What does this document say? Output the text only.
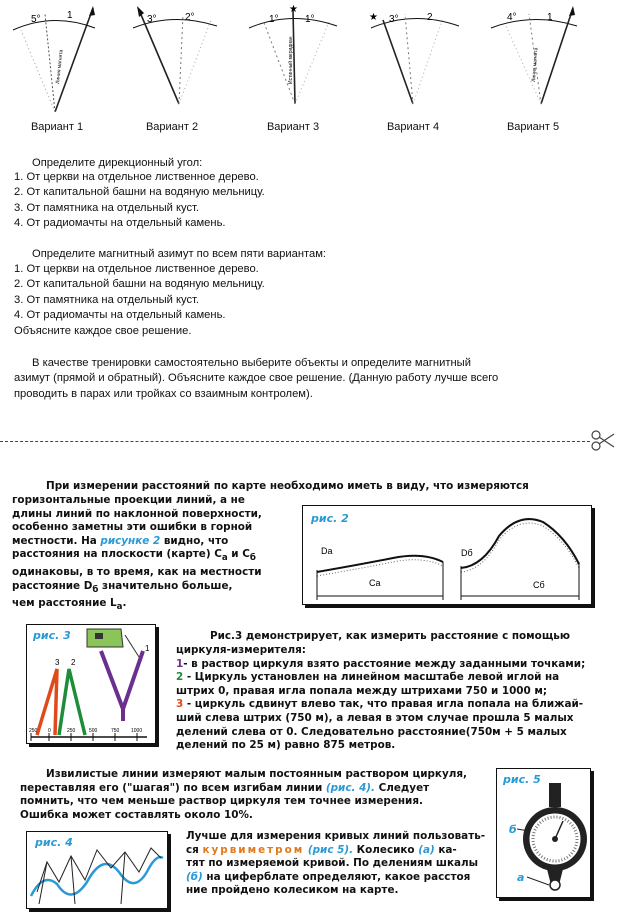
5°	1
Линия магнита
3°	2°
★
1°	1°
Истинный меридиан
★ 3°	2	4°	1
Линия магнита
Вариант 1	Вариант 2	Вариант 3	Вариант 4	Вариант 5
Определите дирекционный угол:
1. От церкви на отдельное лиственное дерево.
2. От капитальной башни на водяную мельницу.
3. От памятника на отдельный куст.
4. От радиомачты на отдельный камень.
Определите магнитный азимут по всем пяти вариантам:
1. От церкви на отдельное лиственное дерево.
2. От капитальной башни на водяную мельницу.
3. От памятника на отдельный куст.
4. От радиомачты на отдельный камень.
Объясните каждое свое решение.
В качестве тренировки самостоятельно выберите объекты и определите магнитный
азимут (прямой и обратный). Объясните каждое свое решение. (Данную работу лучше всего
проводить в парах или тройках со взаимным контролем).
При измерении расстояний по карте необходимо иметь в виду, что измеряются
горизонтальные проекции линий, а не
длины линий по наклонной поверхности,
особенно заметны эти ошибки в горной
местности. На рисунке 2 видно, что
расстояния на плоскости (карте) $С_а$ и $С_б$
одинаковы, в то время, как на местности
расстояние $D_б$ значительно больше,
чем расстояние $L_а$.
рис. 2
Dа
Cа
Dб
Cб
рис. 3
3 2
1
250 0	250	500	750 1000
Рис.3 демонстрирует, как измерить расстояние с помощью
циркуля-измерителя:
1- в раствор циркуля взято расстояние между заданными точками;
2 - Циркуль установлен на линейном масштабе левой иглой на
штрих 0, правая игла попала между штрихами 750 и 1000 м;
3 - циркуль сдвинут влево так, что правая игла попала на ближай-
ший слева штрих (750 м), а левая в этом случае прошла 5 малых
делений слева от 0. Следовательно расстояние(750м + 5 малых
делений по 25 м) равно 875 метров.
Извилистые линии измеряют малым постоянным раствором циркуля,
переставляя его ("шагая") по всем изгибам линии (рис. 4). Следует
помнить, что чем меньше раствор циркуля тем точнее измерения.
Ошибка может составлять около 10%.
рис. 4	Лучше для измерения кривых линий пользовать-
ся курвиметром (рис 5). Колесико (а) ка-
тят по измеряемой кривой. По делениям шкалы
(б) на циферблате определяют, какое расстоя
ние пройдено колесиком на карте.
рис. 5
б
а
